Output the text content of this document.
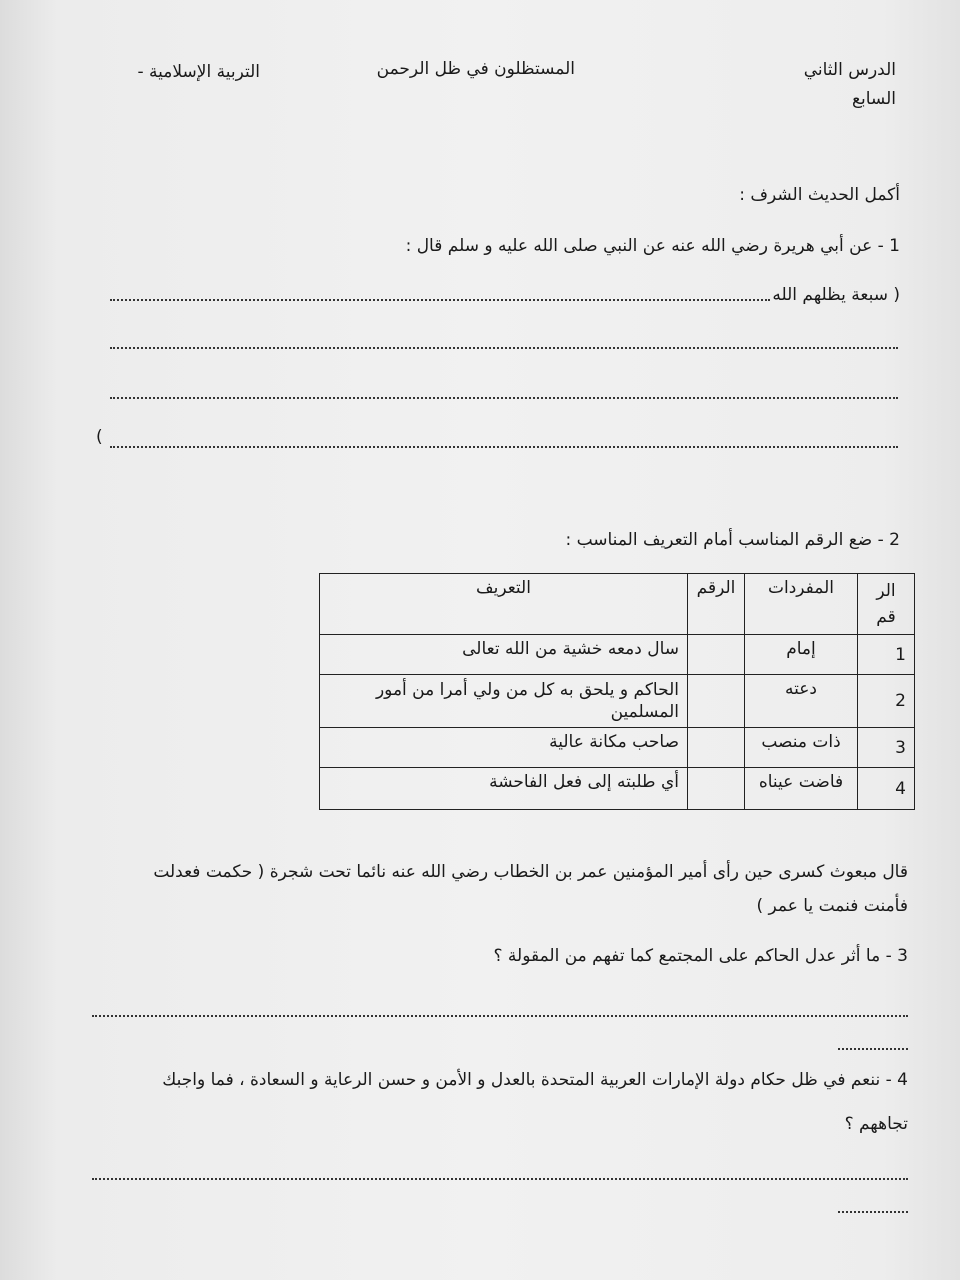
الدرس الثاني
السابع
المستظلون في ظل الرحمن
التربية الإسلامية -
أكمل الحديث الشرف :
1 - عن أبي هريرة رضي الله عنه عن النبي صلى الله عليه و سلم قال :
( سبعة يظلهم الله
)
2 - ضع الرقم المناسب أمام التعريف المناسب :
الر قم	المفردات	الرقم	التعريف
1	إمام		سال دمعه خشية من الله تعالى
2	دعته		الحاكم و يلحق به كل من ولي أمرا من أمور المسلمين
3	ذات منصب		صاحب مكانة عالية
4	فاضت عيناه		أي طلبته إلى فعل الفاحشة
قال مبعوث كسرى حين رأى أمير المؤمنين عمر بن الخطاب رضي الله عنه نائما تحت شجرة ( حكمت فعدلت
فأمنت فنمت يا عمر )
3 - ما أثر عدل الحاكم على المجتمع كما تفهم من المقولة ؟
4 - ننعم في ظل حكام دولة الإمارات العربية المتحدة بالعدل و الأمن و حسن الرعاية و السعادة ، فما واجبك
تجاههم ؟
